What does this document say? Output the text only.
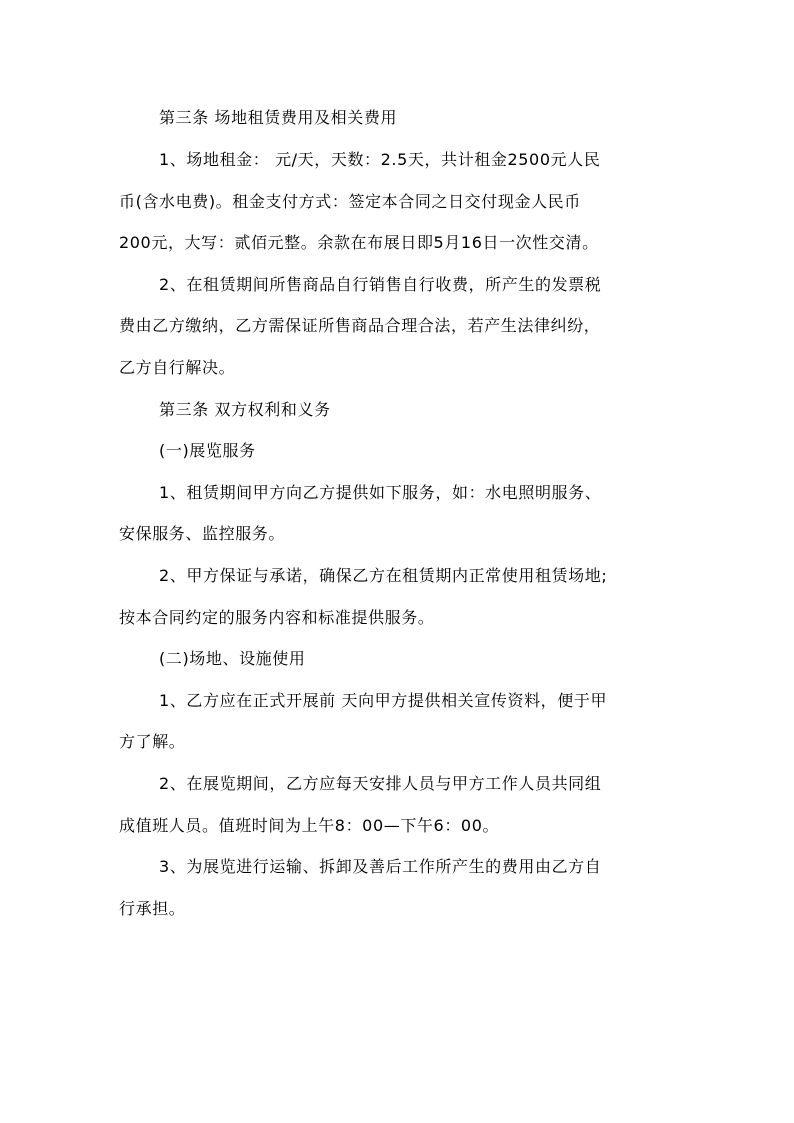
第三条 场地租赁费用及相关费用
1、场地租金： 元/天，天数：2.5天，共计租金2500元人民
币(含水电费)。租金支付方式：签定本合同之日交付现金人民币
200元，大写：贰佰元整。余款在布展日即5月16日一次性交清。
2、在租赁期间所售商品自行销售自行收费，所产生的发票税
费由乙方缴纳，乙方需保证所售商品合理合法，若产生法律纠纷，
乙方自行解决。
第三条 双方权利和义务
(一)展览服务
1、租赁期间甲方向乙方提供如下服务，如：水电照明服务、
安保服务、监控服务。
2、甲方保证与承诺，确保乙方在租赁期内正常使用租赁场地;
按本合同约定的服务内容和标准提供服务。
(二)场地、设施使用
1、乙方应在正式开展前 天向甲方提供相关宣传资料，便于甲
方了解。
2、在展览期间，乙方应每天安排人员与甲方工作人员共同组
成值班人员。值班时间为上午8：00—下午6：00。
3、为展览进行运输、拆卸及善后工作所产生的费用由乙方自
行承担。
